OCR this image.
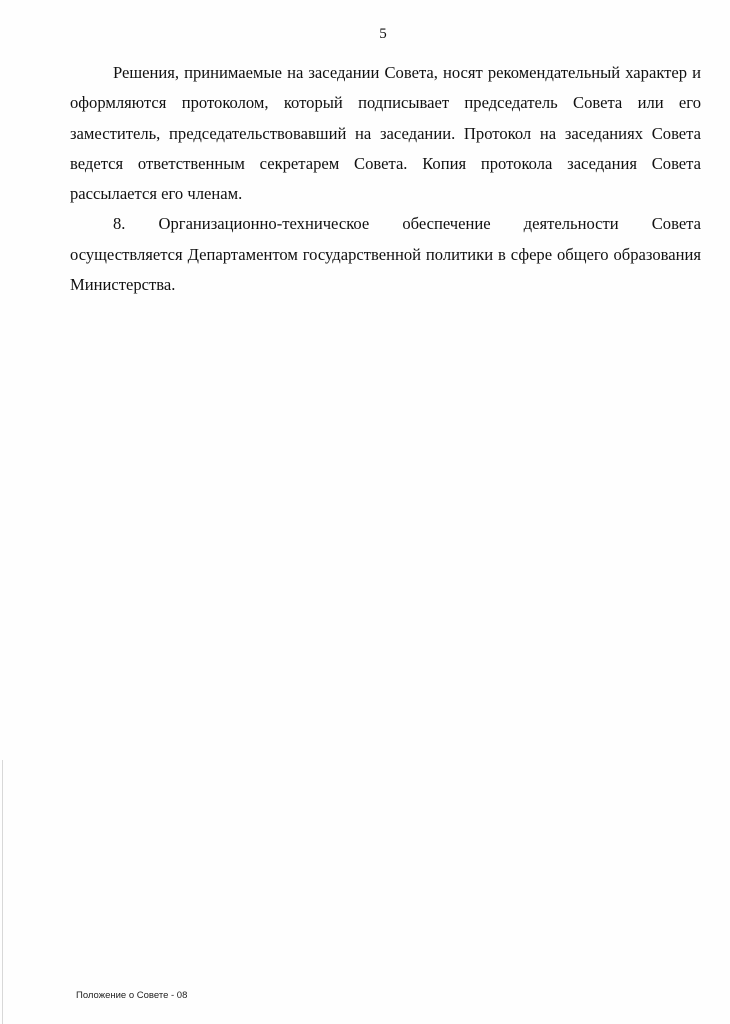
5

Решения, принимаемые на заседании Совета, носят рекомендательный характер и оформляются протоколом, который подписывает председатель Совета или его заместитель, председательствовавший на заседании. Протокол на заседаниях Совета ведется ответственным секретарем Совета. Копия протокола заседания Совета рассылается его членам.

8. Организационно-техническое обеспечение деятельности Совета осуществляется Департаментом государственной политики в сфере общего образования Министерства.

Положение о Совете - 08
